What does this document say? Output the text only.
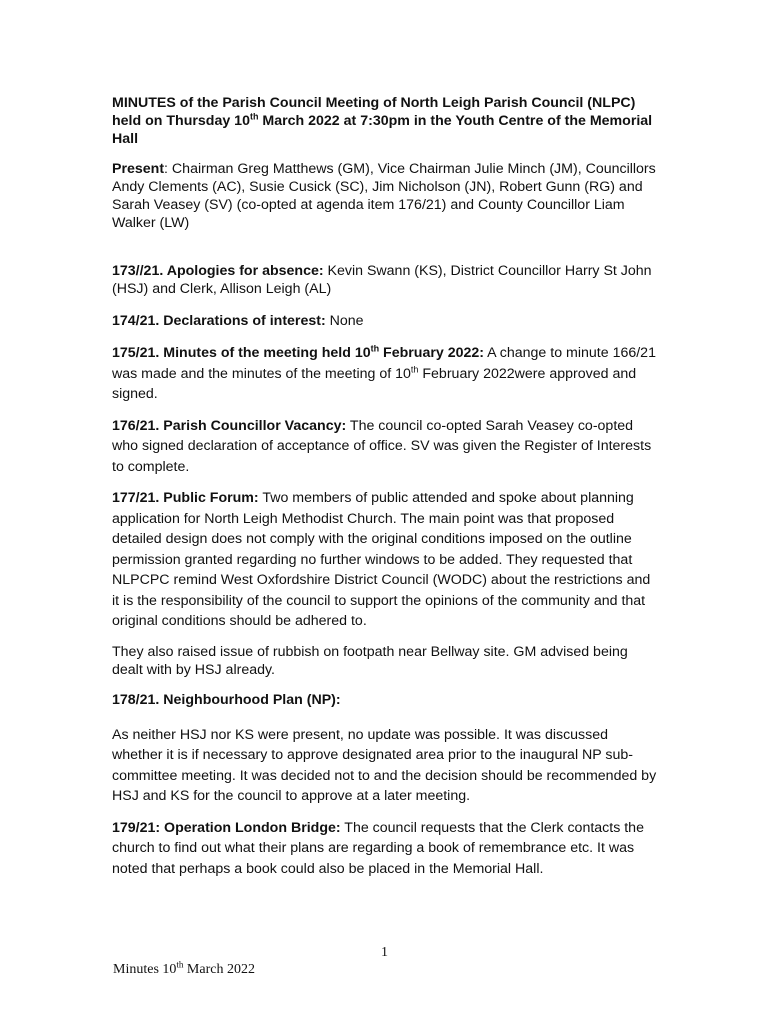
MINUTES of the Parish Council Meeting of North Leigh Parish Council (NLPC) held on Thursday 10th March 2022 at 7:30pm in the Youth Centre of the Memorial Hall

Present: Chairman Greg Matthews (GM), Vice Chairman Julie Minch (JM), Councillors Andy Clements (AC), Susie Cusick (SC), Jim Nicholson (JN), Robert Gunn (RG) and Sarah Veasey (SV) (co-opted at agenda item 176/21) and County Councillor Liam Walker (LW)

173//21. Apologies for absence: Kevin Swann (KS), District Councillor Harry St John (HSJ) and Clerk, Allison Leigh (AL)

174/21. Declarations of interest: None

175/21. Minutes of the meeting held 10th February 2022: A change to minute 166/21 was made and the minutes of the meeting of 10th February 2022were approved and signed.

176/21. Parish Councillor Vacancy: The council co-opted Sarah Veasey co-opted who signed declaration of acceptance of office. SV was given the Register of Interests to complete.

177/21. Public Forum: Two members of public attended and spoke about planning application for North Leigh Methodist Church. The main point was that proposed detailed design does not comply with the original conditions imposed on the outline permission granted regarding no further windows to be added. They requested that NLPCPC remind West Oxfordshire District Council (WODC) about the restrictions and it is the responsibility of the council to support the opinions of the community and that original conditions should be adhered to.

They also raised issue of rubbish on footpath near Bellway site. GM advised being dealt with by HSJ already.

178/21. Neighbourhood Plan (NP):

As neither HSJ nor KS were present, no update was possible. It was discussed whether it is if necessary to approve designated area prior to the inaugural NP sub-committee meeting. It was decided not to and the decision should be recommended by HSJ and KS for the council to approve at a later meeting.

179/21: Operation London Bridge: The council requests that the Clerk contacts the church to find out what their plans are regarding a book of remembrance etc. It was noted that perhaps a book could also be placed in the Memorial Hall.

1
Minutes 10th March 2022
